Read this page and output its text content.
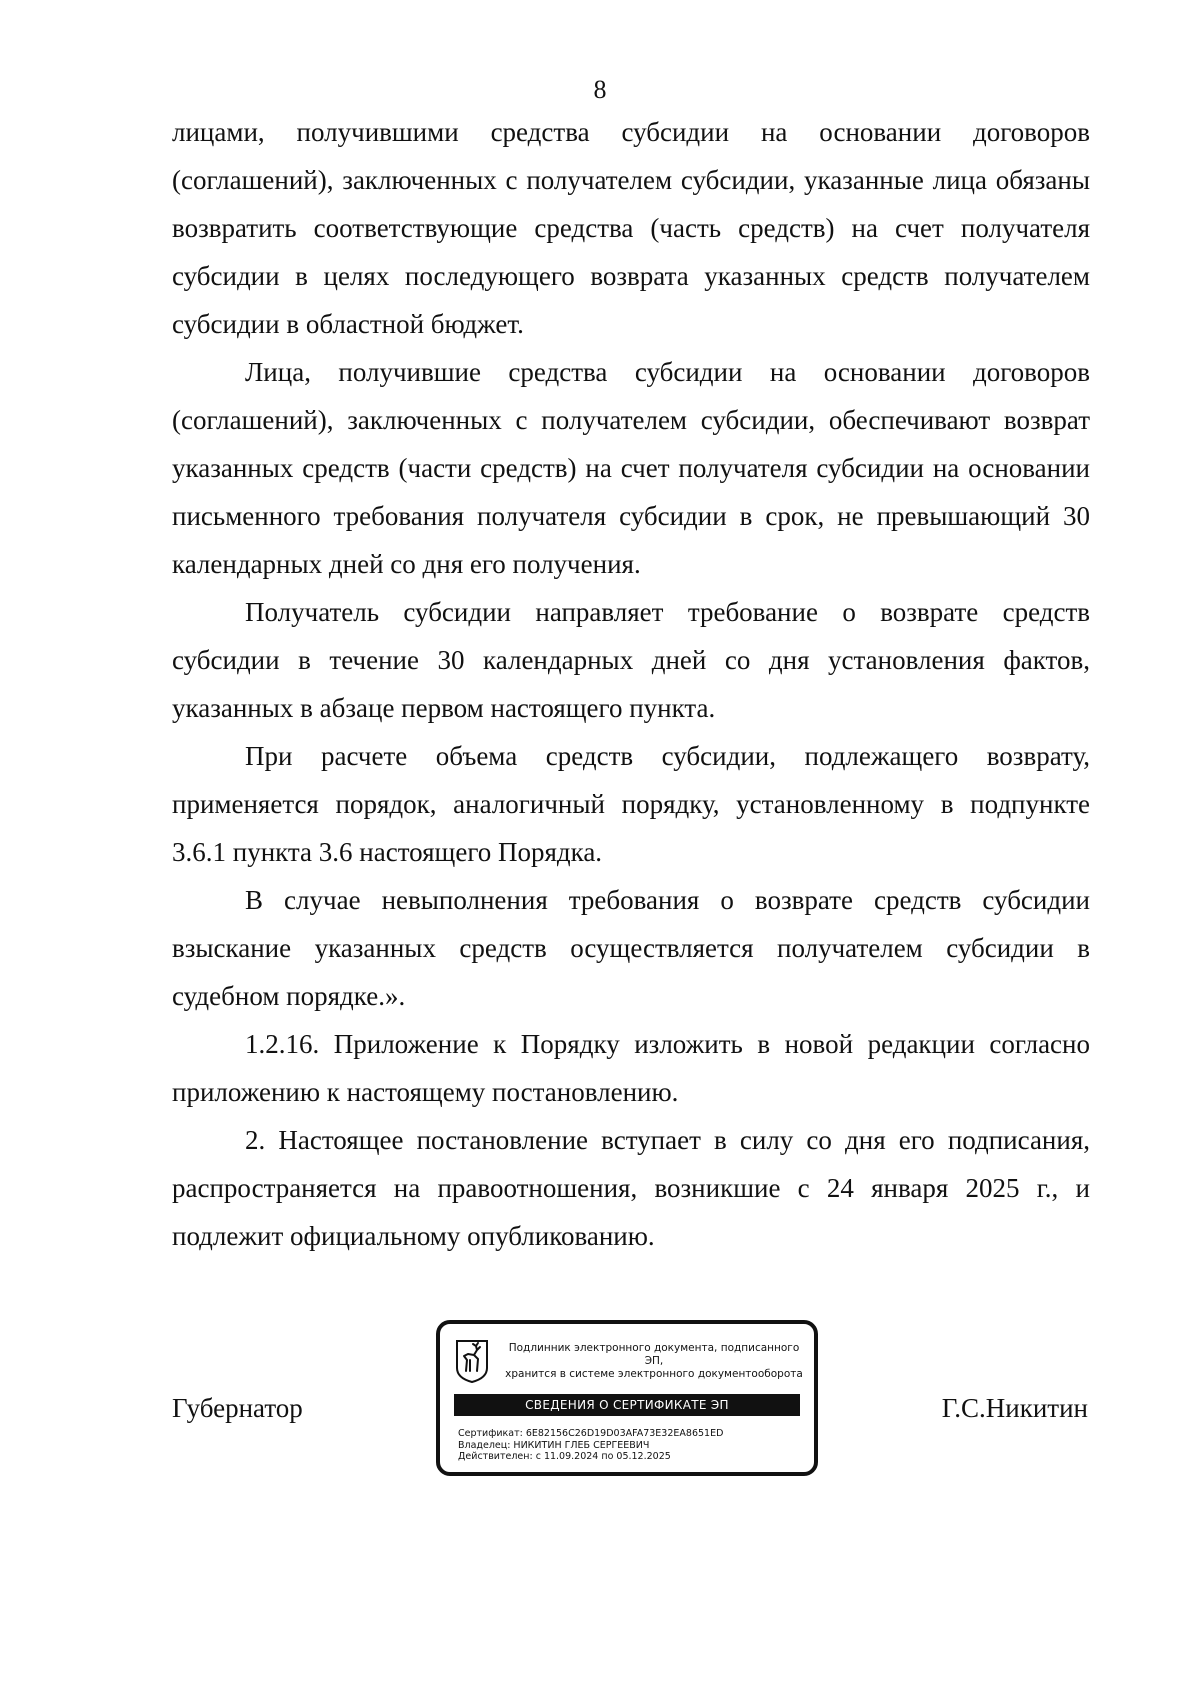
8

лицами, получившими средства субсидии на основании договоров (соглашений), заключенных с получателем субсидии, указанные лица обязаны возвратить соответствующие средства (часть средств) на счет получателя субсидии в целях последующего возврата указанных средств получателем субсидии в областной бюджет.

Лица, получившие средства субсидии на основании договоров (соглашений), заключенных с получателем субсидии, обеспечивают возврат указанных средств (части средств) на счет получателя субсидии на основании письменного требования получателя субсидии в срок, не превышающий 30 календарных дней со дня его получения.

Получатель субсидии направляет требование о возврате средств субсидии в течение 30 календарных дней со дня установления фактов, указанных в абзаце первом настоящего пункта.

При расчете объема средств субсидии, подлежащего возврату, применяется порядок, аналогичный порядку, установленному в подпункте 3.6.1 пункта 3.6 настоящего Порядка.

В случае невыполнения требования о возврате средств субсидии взыскание указанных средств осуществляется получателем субсидии в судебном порядке.».

1.2.16. Приложение к Порядку изложить в новой редакции согласно приложению к настоящему постановлению.

2. Настоящее постановление вступает в силу со дня его подписания, распространяется на правоотношения, возникшие с 24 января 2025 г., и подлежит официальному опубликованию.

Губернатор
Подлинник электронного документа, подписанного ЭП,
хранится в системе электронного документооборота
СВЕДЕНИЯ О СЕРТИФИКАТЕ ЭП
Сертификат: 6E82156C26D19D03AFA73E32EA8651ED
Владелец: НИКИТИН ГЛЕБ СЕРГЕЕВИЧ
Действителен: с 11.09.2024 по 05.12.2025
Г.С.Никитин
